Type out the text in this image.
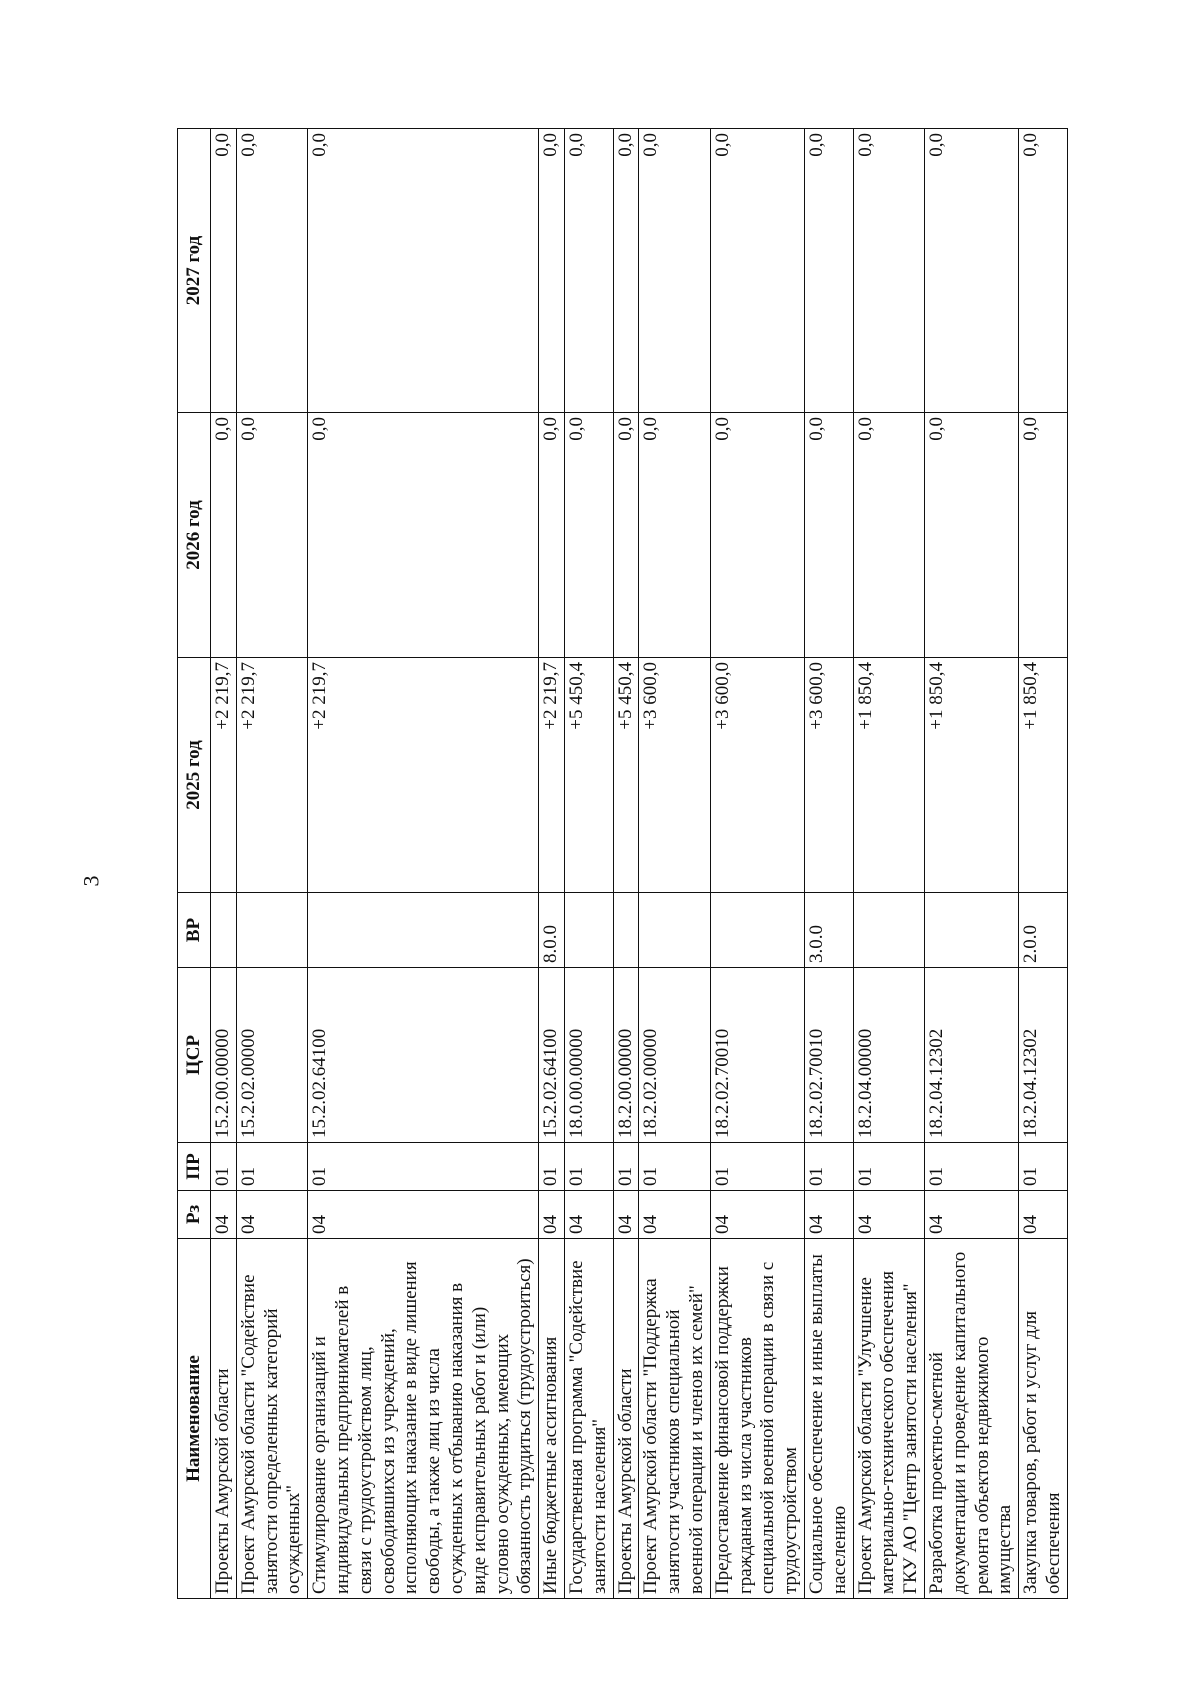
3
Наименование	Рз	ПР	ЦСР	ВР	2025 год	2026 год	2027 год
Проекты Амурской области	04	01	15.2.00.00000		+2 219,7	0,0	0,0
Проект Амурской области "Содействие занятости определенных категорий осужденных"	04	01	15.2.02.00000		+2 219,7	0,0	0,0
Стимулирование организаций и индивидуальных предпринимателей в связи с трудоустройством лиц, освободившихся из учреждений, исполняющих наказание в виде лишения свободы, а также лиц из числа осужденных к отбыванию наказания в виде исправительных работ и (или) условно осужденных, имеющих обязанность трудиться (трудоустроиться)	04	01	15.2.02.64100		+2 219,7	0,0	0,0
Иные бюджетные ассигнования	04	01	15.2.02.64100	8.0.0	+2 219,7	0,0	0,0
Государственная программа "Содействие занятости населения"	04	01	18.0.00.00000		+5 450,4	0,0	0,0
Проекты Амурской области	04	01	18.2.00.00000		+5 450,4	0,0	0,0
Проект Амурской области "Поддержка занятости участников специальной военной операции и членов их семей"	04	01	18.2.02.00000		+3 600,0	0,0	0,0
Предоставление финансовой поддержки гражданам из числа участников специальной военной операции в связи с трудоустройством	04	01	18.2.02.70010		+3 600,0	0,0	0,0
Социальное обеспечение и иные выплаты населению	04	01	18.2.02.70010	3.0.0	+3 600,0	0,0	0,0
Проект Амурской области "Улучшение материально-технического обеспечения ГКУ АО "Центр занятости населения"	04	01	18.2.04.00000		+1 850,4	0,0	0,0
Разработка проектно-сметной документации и проведение капитального ремонта объектов недвижимого имущества	04	01	18.2.04.12302		+1 850,4	0,0	0,0
Закупка товаров, работ и услуг для обеспечения	04	01	18.2.04.12302	2.0.0	+1 850,4	0,0	0,0
